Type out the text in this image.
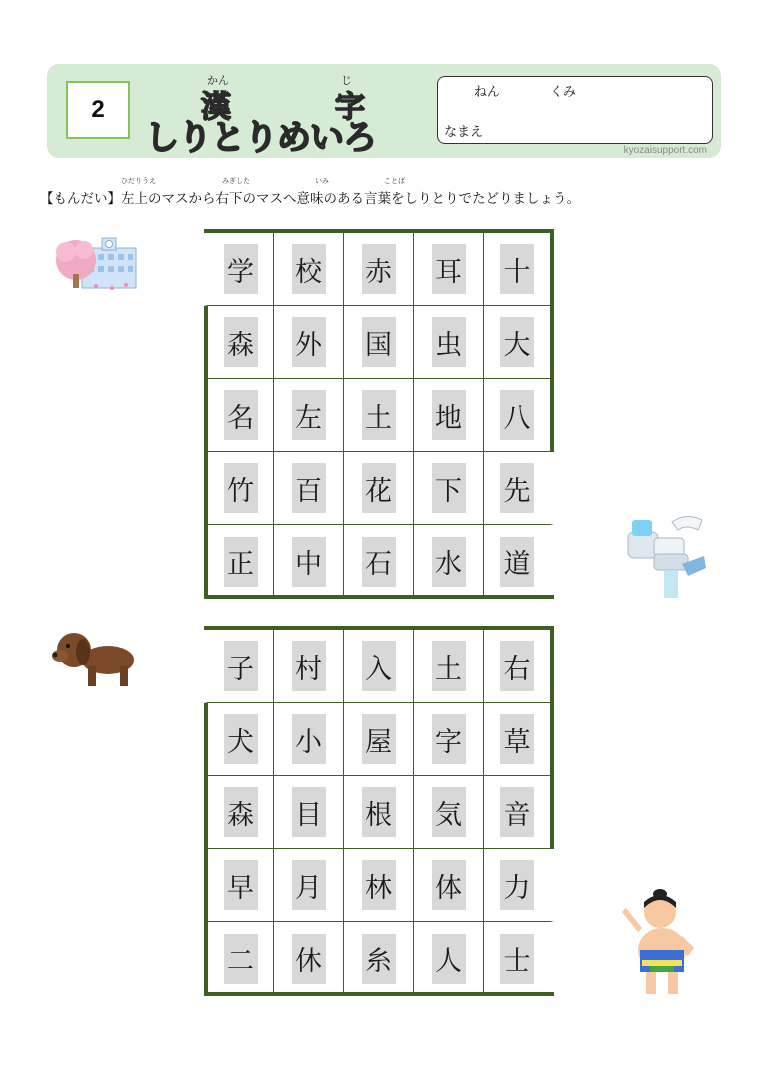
2
かん	じ
漢	字
しりとりめいろ
ねん	くみ
なまえ
kyozaisupport.com
ひだりうえ	みぎした	いみ	ことば
【もんだい】左上のマスから右下のマスへ意味のある言葉をしりとりでたどりましょう。
学 校 赤 耳 十
森 外 国 虫 大
名 左 土 地 八
竹 百 花 下 先
正 中 石 水 道
子 村 入 土 右
犬 小 屋 字 草
森 目 根 気 音
早 月 林 体 力
二 休 糸 人 士
